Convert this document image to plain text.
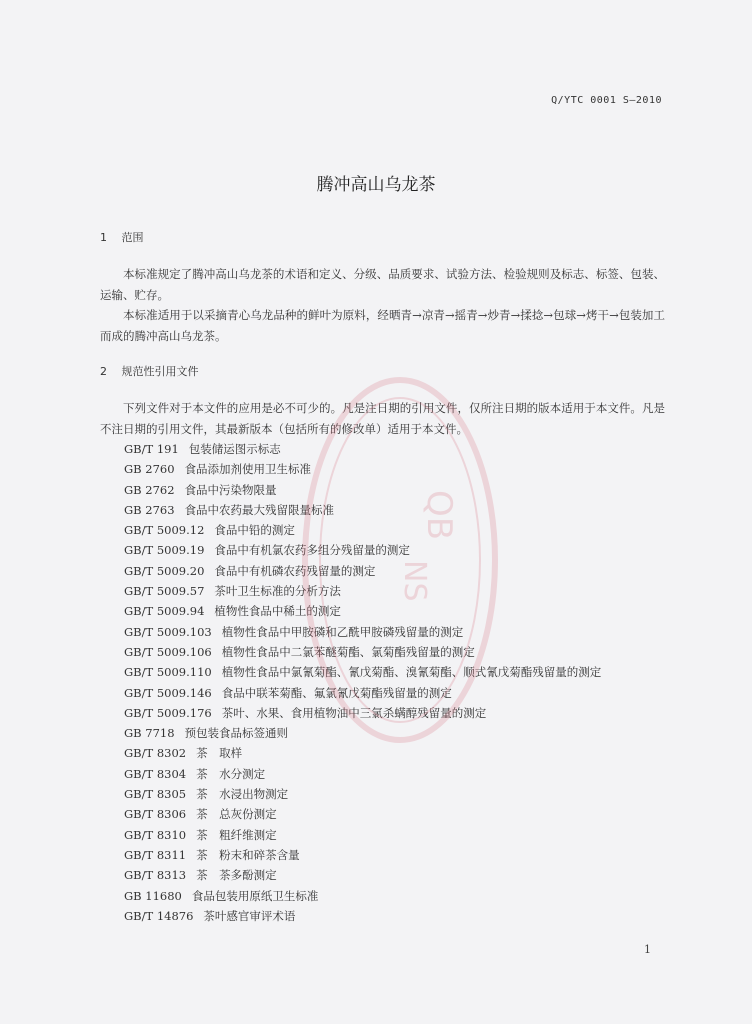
Q/YTC 0001 S—2010
腾冲高山乌龙茶
1 范围

本标准规定了腾冲高山乌龙茶的术语和定义、分级、品质要求、试验方法、检验规则及标志、标签、包装、运输、贮存。

本标准适用于以采摘青心乌龙品种的鲜叶为原料，经晒青→凉青→摇青→炒青→揉捻→包球→烤干→包装加工而成的腾冲高山乌龙茶。

2 规范性引用文件

下列文件对于本文件的应用是必不可少的。凡是注日期的引用文件，仅所注日期的版本适用于本文件。凡是不注日期的引用文件，其最新版本（包括所有的修改单）适用于本文件。

GB/T 191 包装储运图示标志
GB 2760 食品添加剂使用卫生标准
GB 2762 食品中污染物限量
GB 2763 食品中农药最大残留限量标准
GB/T 5009.12 食品中铅的测定
GB/T 5009.19 食品中有机氯农药多组分残留量的测定
GB/T 5009.20 食品中有机磷农药残留量的测定
GB/T 5009.57 茶叶卫生标准的分析方法
GB/T 5009.94 植物性食品中稀土的测定
GB/T 5009.103 植物性食品中甲胺磷和乙酰甲胺磷残留量的测定
GB/T 5009.106 植物性食品中二氯苯醚菊酯、氯菊酯残留量的测定
GB/T 5009.110 植物性食品中氯氰菊酯、氰戊菊酯、溴氰菊酯、顺式氰戊菊酯残留量的测定
GB/T 5009.146 食品中联苯菊酯、氟氯氰戊菊酯残留量的测定
GB/T 5009.176 茶叶、水果、食用植物油中三氯杀螨醇残留量的测定
GB 7718 预包装食品标签通则
GB/T 8302 茶　取样
GB/T 8304 茶　水分测定
GB/T 8305 茶　水浸出物测定
GB/T 8306 茶　总灰份测定
GB/T 8310 茶　粗纤维测定
GB/T 8311 茶　粉末和碎茶含量
GB/T 8313 茶　茶多酚测定
GB 11680 食品包装用原纸卫生标准
GB/T 14876 茶叶感官审评术语
QB
NS
1
